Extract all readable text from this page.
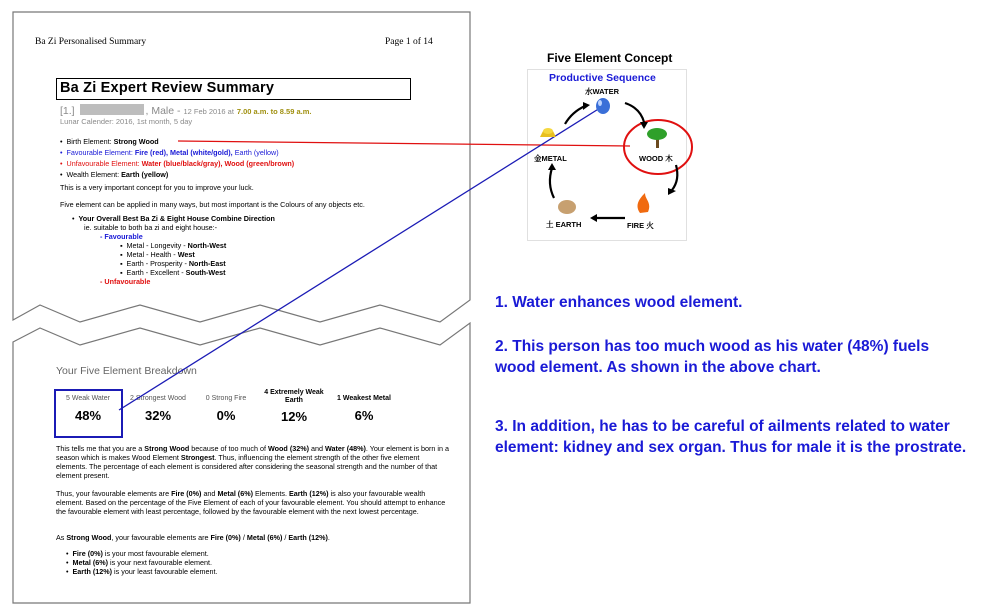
Ba Zi Personalised Summary	Page 1 of 14
Ba Zi Expert Review Summary
[1.]	, Male - 12 Feb 2016 at 7.00 a.m. to 8.59 a.m.
Lunar Calender: 2016, 1st month, 5 day
•  Birth Element: Strong Wood
•  Favourable Element: Fire (red), Metal (white/gold), Earth (yellow)
•  Unfavourable Element: Water (blue/black/gray), Wood (green/brown)
•  Wealth Element: Earth (yellow)
This is a very important concept for you to improve your luck.
Five element can be applied in many ways, but most important is the Colours of any objects etc.
•  Your Overall Best Ba Zi & Eight House Combine Direction
ie. suitable to both ba zi and eight house:-
- Favourable
▪  Metal - Longevity - North-West
▪  Metal - Health - West
▪  Earth - Prosperity - North-East
▪  Earth - Excellent - South-West
- Unfavourable
Your Five Element Breakdown
5 Weak Water
48%
2 Strongest Wood
32%
0 Strong Fire
0%
4 Extremely Weak Earth
12%
1 Weakest Metal
6%
This tells me that you are a Strong Wood because of too much of Wood (32%) and Water (48%). Your element is born in a season which is makes Wood Element Strongest. Thus, influencing the element strength of the other five element elements. The percentage of each element is considered after considering the seasonal strength and the number of that element present.
Thus, your favourable elements are Fire (0%) and Metal (6%) Elements. Earth (12%) is also your favourable wealth element. Based on the percentage of the Five Element of each of your favourable element. You should attempt to enhance the favourable element with least percentage, followed by the favourable element with the next lowest percentage.
As Strong Wood, your favourable elements are Fire (0%) / Metal (6%) / Earth (12%).
•  Fire (0%) is your most favourable element.
•  Metal (6%) is your next favourable element.
•  Earth (12%) is your least favourable element.
Five Element Concept
Productive Sequence
水WATER
WOOD 木
FIRE 火
土 EARTH
金METAL
1. Water enhances wood element.
2. This person has too much wood as his water (48%) fuels wood element. As shown in the above chart.
3. In addition, he has to be careful of ailments related to water element: kidney and sex organ. Thus for male it is the prostrate.
